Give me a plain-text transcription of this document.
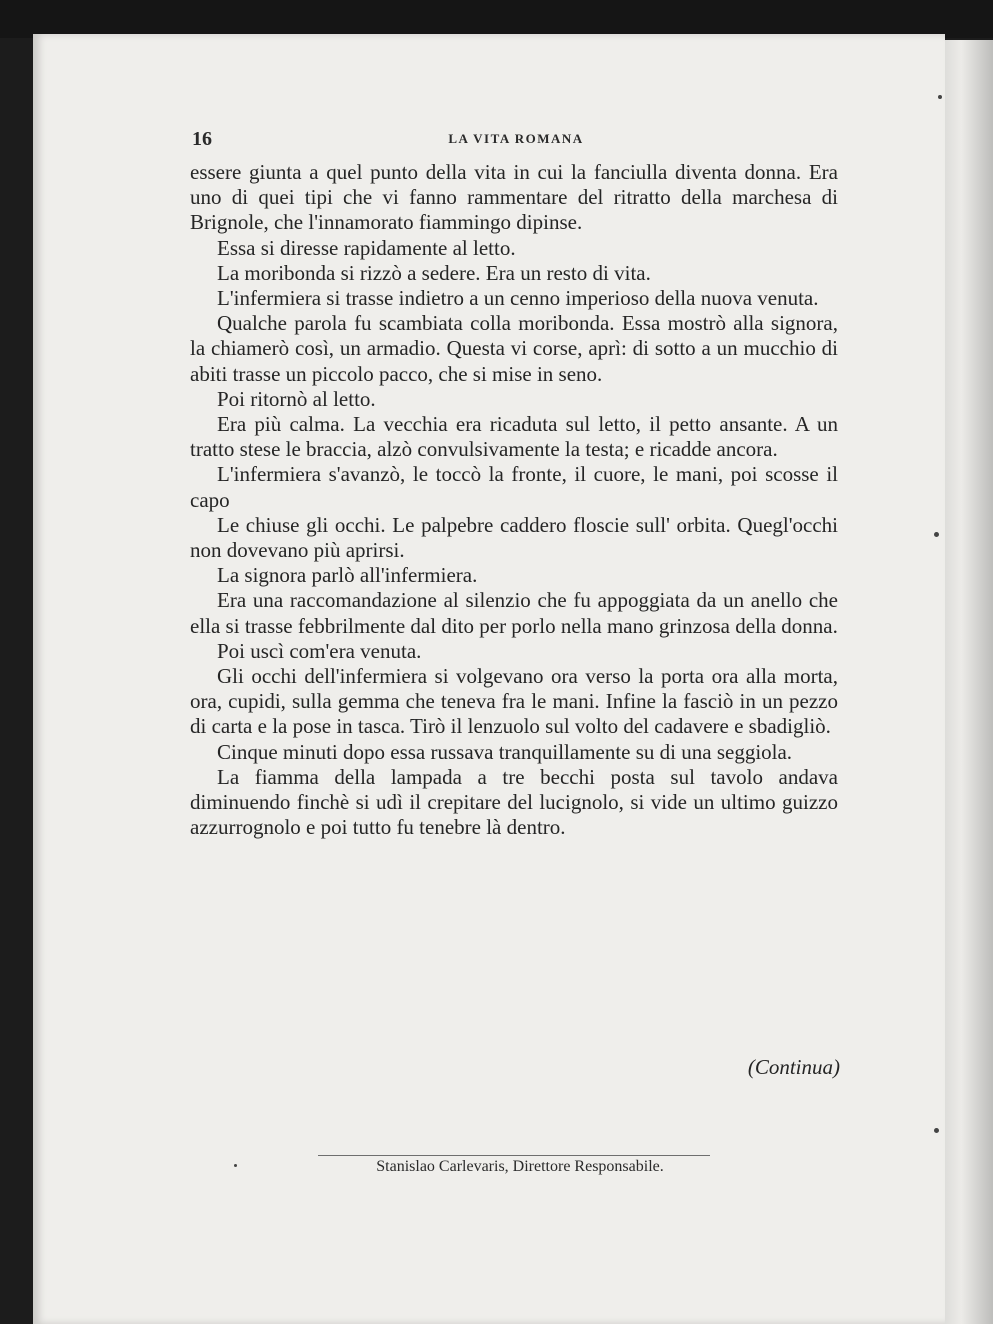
16	LA VITA ROMANA

essere giunta a quel punto della vita in cui la fanciulla diventa donna. Era uno di quei tipi che vi fanno rammentare del ritratto della marchesa di Brignole, che l'innamorato fiammingo dipinse.

Essa si diresse rapidamente al letto.

La moribonda si rizzò a sedere. Era un resto di vita.

L'infermiera si trasse indietro a un cenno imperioso della nuova venuta.

Qualche parola fu scambiata colla moribonda. Essa mostrò alla signora, la chiamerò così, un armadio. Questa vi corse, aprì: di sotto a un mucchio di abiti trasse un piccolo pacco, che si mise in seno.

Poi ritornò al letto.

Era più calma. La vecchia era ricaduta sul letto, il petto ansante. A un tratto stese le braccia, alzò convulsivamente la testa; e ricadde ancora.

L'infermiera s'avanzò, le toccò la fronte, il cuore, le mani, poi scosse il capo

Le chiuse gli occhi. Le palpebre caddero floscie sull' orbita. Quegl'occhi non dovevano più aprirsi.

La signora parlò all'infermiera.

Era una raccomandazione al silenzio che fu appoggiata da un anello che ella si trasse febbrilmente dal dito per porlo nella mano grinzosa della donna.

Poi uscì com'era venuta.

Gli occhi dell'infermiera si volgevano ora verso la porta ora alla morta, ora, cupidi, sulla gemma che teneva fra le mani. Infine la fasciò in un pezzo di carta e la pose in tasca. Tirò il lenzuolo sul volto del cadavere e sbadigliò.

Cinque minuti dopo essa russava tranquillamente su di una seggiola.

La fiamma della lampada a tre becchi posta sul tavolo andava diminuendo finchè si udì il crepitare del lucignolo, si vide un ultimo guizzo azzurrognolo e poi tutto fu tenebre là dentro.

(Continua)
Stanislao Carlevaris, Direttore Responsabile.
